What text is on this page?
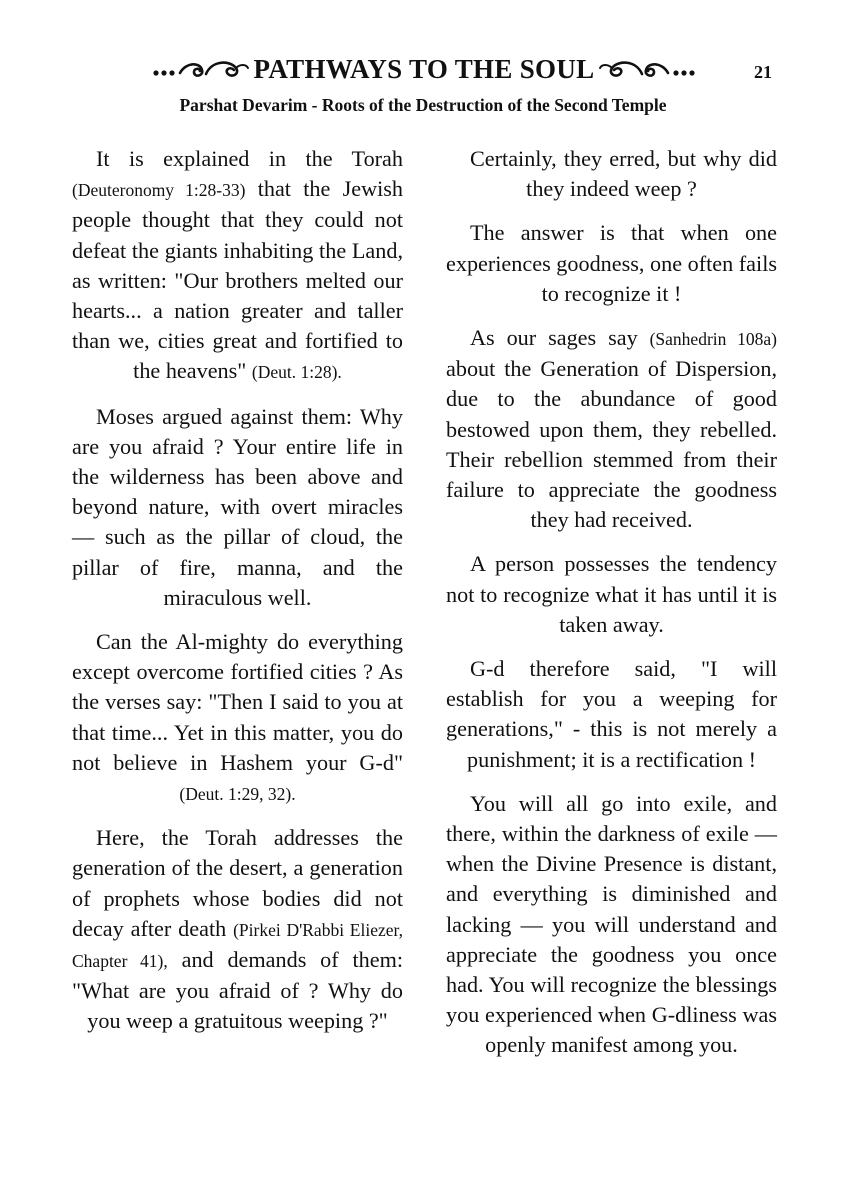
PATHWAYS TO THE SOUL	21
Parshat Devarim - Roots of the Destruction of the Second Temple

It is explained in the Torah (Deuteronomy 1:28-33) that the Jewish people thought that they could not defeat the giants inhabiting the Land, as written: "Our brothers melted our hearts... a nation greater and taller than we, cities great and fortified to the heavens" (Deut. 1:28).

Moses argued against them: Why are you afraid ? Your entire life in the wilderness has been above and beyond nature, with overt miracles — such as the pillar of cloud, the pillar of fire, manna, and the miraculous well.

Can the Al-mighty do everything except overcome fortified cities ? As the verses say: "Then I said to you at that time... Yet in this matter, you do not believe in Hashem your G-d" (Deut. 1:29, 32).

Here, the Torah addresses the generation of the desert, a generation of prophets whose bodies did not decay after death (Pirkei D'Rabbi Eliezer, Chapter 41), and demands of them: "What are you afraid of ? Why do you weep a gratuitous weeping ?"

Certainly, they erred, but why did they indeed weep ?

The answer is that when one experiences goodness, one often fails to recognize it !

As our sages say (Sanhedrin 108a) about the Generation of Dispersion, due to the abundance of good bestowed upon them, they rebelled. Their rebellion stemmed from their failure to appreciate the goodness they had received.

A person possesses the tendency not to recognize what it has until it is taken away.

G-d therefore said, "I will establish for you a weeping for generations," - this is not merely a punishment; it is a rectification !

You will all go into exile, and there, within the darkness of exile — when the Divine Presence is distant, and everything is diminished and lacking — you will understand and appreciate the goodness you once had. You will recognize the blessings you experienced when G-dliness was openly manifest among you.
